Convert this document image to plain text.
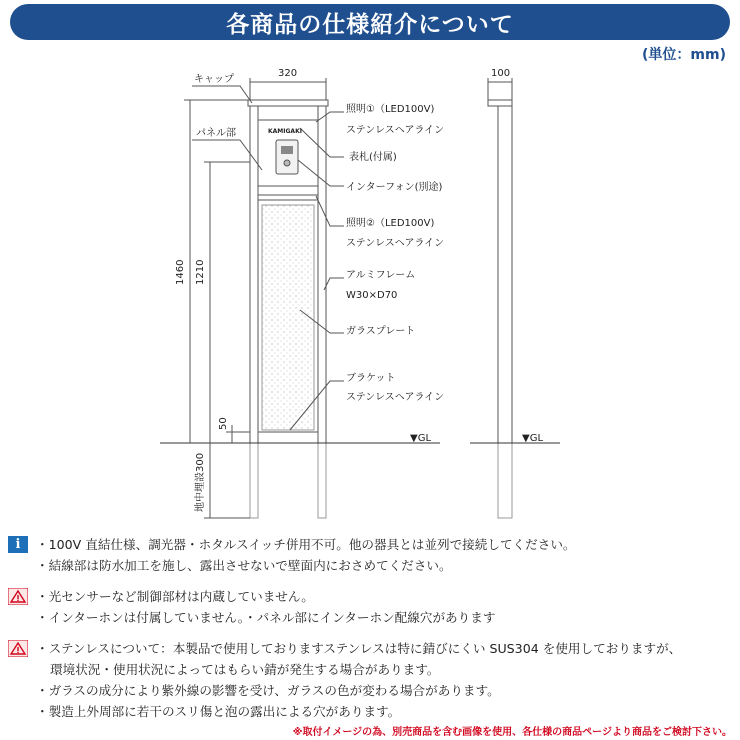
各商品の仕様紹介について
(単位：mm)
KAMIGAKI
320	100
1460 1210
50
地中埋設300
▼GL	▼GL
キャップ
パネル部
照明①（LED100V)
ステンレスヘアライン
表札(付属)
インターフォン(別途)
照明②（LED100V)
ステンレスヘアライン
アルミフレーム
W30×D70
ガラスプレート
ブラケット
ステンレスヘアライン
i	・100V 直結仕様、調光器・ホタルスイッチ併用不可。他の器具とは並列で接続してください。
・結線部は防水加工を施し、露出させないで壁面内におさめてください。
・光センサーなど制御部材は内蔵していません。
・インターホンは付属していません。・パネル部にインターホン配線穴があります
・ステンレスについて：本製品で使用しておりますステンレスは特に錆びにくい SUS304 を使用しておりますが、
環境状況・使用状況によってはもらい錆が発生する場合があります。
・ガラスの成分により紫外線の影響を受け、ガラスの色が変わる場合があります。
・製造上外周部に若干のスリ傷と泡の露出による穴があります。
※取付イメージの為、別売商品を含む画像を使用、各仕様の商品ページより商品をご検討下さい。
